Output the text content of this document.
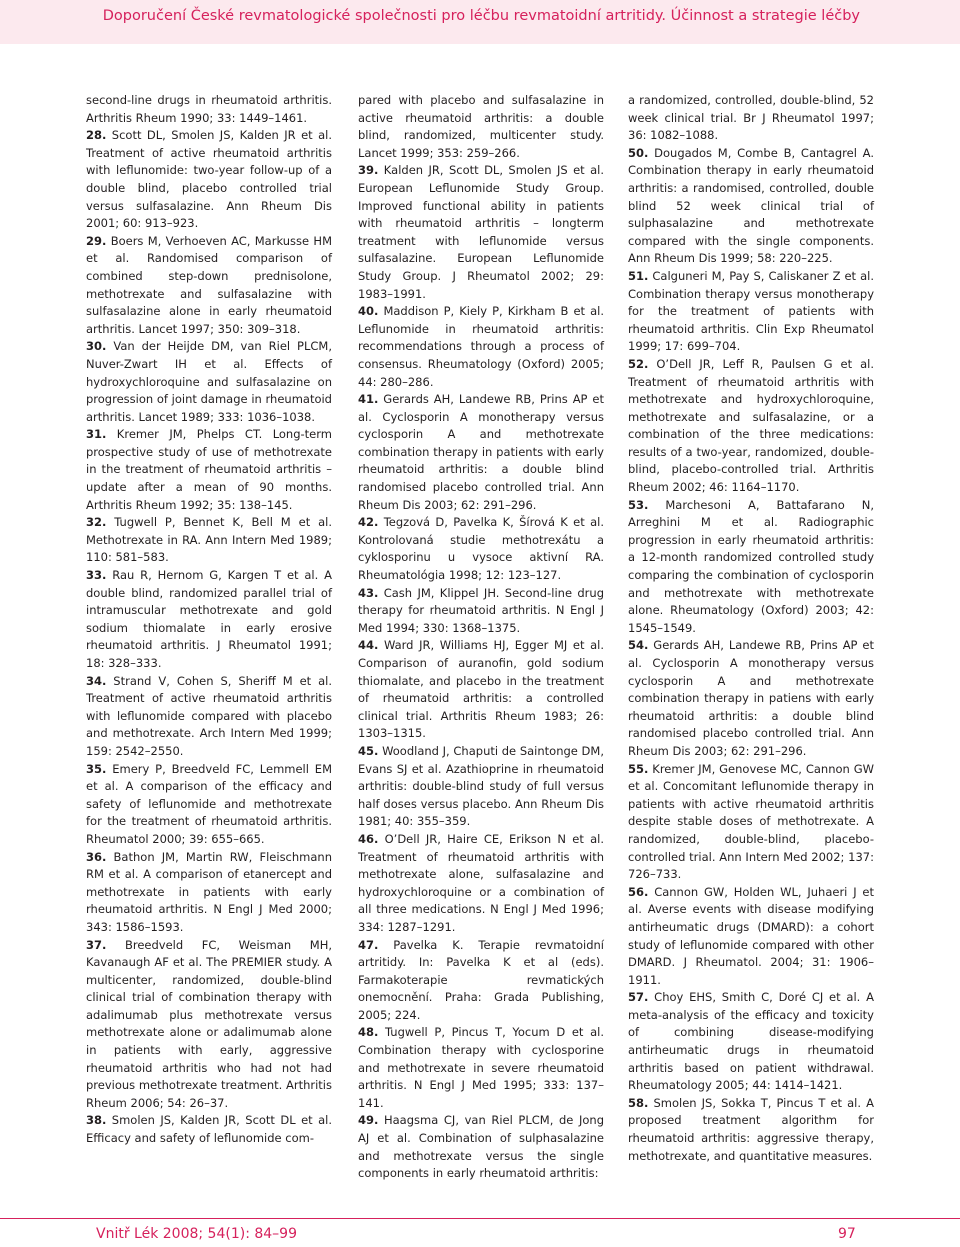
Doporučení České revmatologické společnosti pro léčbu revmatoidní artritidy. Účinnost a strategie léčby
second-line drugs in rheumatoid arthritis. Arthritis Rheum 1990; 33: 1449–1461.
28. Scott DL, Smolen JS, Kalden JR et al. Treatment of active rheumatoid arthritis with leflunomide: two-year follow-up of a double blind, placebo controlled trial versus sulfasalazine. Ann Rheum Dis 2001; 60: 913–923.
29. Boers M, Verhoeven AC, Markusse HM et al. Randomised comparison of combined step-down prednisolone, methotrexate and sulfasalazine with sulfasalazine alone in early rheumatoid arthritis. Lancet 1997; 350: 309–318.
30. Van der Heijde DM, van Riel PLCM, Nuver-Zwart IH et al. Effects of hydroxychloroquine and sulfasalazine on progression of joint damage in rheumatoid arthritis. Lancet 1989; 333: 1036–1038.
31. Kremer JM, Phelps CT. Long-term prospective study of use of methotrexate in the treatment of rheumatoid arthritis – update after a mean of 90 months. Arthritis Rheum 1992; 35: 138–145.
32. Tugwell P, Bennet K, Bell M et al. Methotrexate in RA. Ann Intern Med 1989; 110: 581–583.
33. Rau R, Hernom G, Kargen T et al. A double blind, randomized parallel trial of intramuscular methotrexate and gold sodium thiomalate in early erosive rheumatoid arthritis. J Rheumatol 1991; 18: 328–333.
34. Strand V, Cohen S, Sheriff M et al. Treatment of active rheumatoid arthritis with leflunomide compared with placebo and methotrexate. Arch Intern Med 1999; 159: 2542–2550.
35. Emery P, Breedveld FC, Lemmell EM et al. A comparison of the efficacy and safety of leflunomide and methotrexate for the treatment of rheumatoid arthritis. Rheumatol 2000; 39: 655–665.
36. Bathon JM, Martin RW, Fleischmann RM et al. A comparison of etanercept and methotrexate in patients with early rheumatoid arthritis. N Engl J Med 2000; 343: 1586–1593.
37. Breedveld FC, Weisman MH, Kavanaugh AF et al. The PREMIER study. A multicenter, randomized, double-blind clinical trial of combination therapy with adalimumab plus methotrexate versus methotrexate alone or adalimumab alone in patients with early, aggressive rheumatoid arthritis who had not had previous methotrexate treatment. Arthritis Rheum 2006; 54: 26–37.
38. Smolen JS, Kalden JR, Scott DL et al. Efficacy and safety of leflunomide com-
pared with placebo and sulfasalazine in active rheumatoid arthritis: a double blind, randomized, multicenter study. Lancet 1999; 353: 259–266.
39. Kalden JR, Scott DL, Smolen JS et al. European Leflunomide Study Group. Improved functional ability in patients with rheumatoid arthritis – longterm treatment with leflunomide versus sulfasalazine. European Leflunomide Study Group. J Rheumatol 2002; 29: 1983–1991.
40. Maddison P, Kiely P, Kirkham B et al. Leflunomide in rheumatoid arthritis: recommendations through a process of consensus. Rheumatology (Oxford) 2005; 44: 280–286.
41. Gerards AH, Landewe RB, Prins AP et al. Cyclosporin A monotherapy versus cyclosporin A and methotrexate combination therapy in patients with early rheumatoid arthritis: a double blind randomised placebo controlled trial. Ann Rheum Dis 2003; 62: 291–296.
42. Tegzová D, Pavelka K, Šírová K et al. Kontrolovaná studie methotrexátu a cyklosporinu u vysoce aktivní RA. Rheumatológia 1998; 12: 123–127.
43. Cash JM, Klippel JH. Second-line drug therapy for rheumatoid arthritis. N Engl J Med 1994; 330: 1368–1375.
44. Ward JR, Williams HJ, Egger MJ et al. Comparison of auranofin, gold sodium thiomalate, and placebo in the treatment of rheumatoid arthritis: a controlled clinical trial. Arthritis Rheum 1983; 26: 1303–1315.
45. Woodland J, Chaputi de Saintonge DM, Evans SJ et al. Azathioprine in rheumatoid arthritis: double-blind study of full versus half doses versus placebo. Ann Rheum Dis 1981; 40: 355–359.
46. O’Dell JR, Haire CE, Erikson N et al. Treatment of rheumatoid arthritis with methotrexate alone, sulfasalazine and hydroxychloroquine or a combination of all three medications. N Engl J Med 1996; 334: 1287–1291.
47. Pavelka K. Terapie revmatoidní artritidy. In: Pavelka K et al (eds). Farmakoterapie revmatických onemocnění. Praha: Grada Publishing, 2005; 224.
48. Tugwell P, Pincus T, Yocum D et al. Combination therapy with cyclosporine and methotrexate in severe rheumatoid arthritis. N Engl J Med 1995; 333: 137–141.
49. Haagsma CJ, van Riel PLCM, de Jong AJ et al. Combination of sulphasalazine and methotrexate versus the single components in early rheumatoid arthritis:
a randomized, controlled, double-blind, 52 week clinical trial. Br J Rheumatol 1997; 36: 1082–1088.
50. Dougados M, Combe B, Cantagrel A. Combination therapy in early rheumatoid arthritis: a randomised, controlled, double blind 52 week clinical trial of sulphasalazine and methotrexate compared with the single components. Ann Rheum Dis 1999; 58: 220–225.
51. Calguneri M, Pay S, Caliskaner Z et al. Combination therapy versus monotherapy for the treatment of patients with rheumatoid arthritis. Clin Exp Rheumatol 1999; 17: 699–704.
52. O’Dell JR, Leff R, Paulsen G et al. Treatment of rheumatoid arthritis with methotrexate and hydroxychloroquine, methotrexate and sulfasalazine, or a combination of the three medications: results of a two-year, randomized, double-blind, placebo-controlled trial. Arthritis Rheum 2002; 46: 1164–1170.
53. Marchesoni A, Battafarano N, Arreghini M et al. Radiographic progression in early rheumatoid arthritis: a 12-month randomized controlled study comparing the combination of cyclosporin and methotrexate with methotrexate alone. Rheumatology (Oxford) 2003; 42: 1545–1549.
54. Gerards AH, Landewe RB, Prins AP et al. Cyclosporin A monotherapy versus cyclosporin A and methotrexate combination therapy in patiens with early rheumatoid arthritis: a double blind randomised placebo controlled trial. Ann Rheum Dis 2003; 62: 291–296.
55. Kremer JM, Genovese MC, Cannon GW et al. Concomitant leflunomide therapy in patients with active rheumatoid arthritis despite stable doses of methotrexate. A randomized, double-blind, placebo-controlled trial. Ann Intern Med 2002; 137: 726–733.
56. Cannon GW, Holden WL, Juhaeri J et al. Averse events with disease modifying antirheumatic drugs (DMARD): a cohort study of leflunomide compared with other DMARD. J Rheumatol. 2004; 31: 1906–1911.
57. Choy EHS, Smith C, Doré CJ et al. A meta-analysis of the efficacy and toxicity of combining disease-modifying antirheumatic drugs in rheumatoid arthritis based on patient withdrawal. Rheumatology 2005; 44: 1414–1421.
58. Smolen JS, Sokka T, Pincus T et al. A proposed treatment algorithm for rheumatoid arthritis: aggressive therapy, methotrexate, and quantitative measures.
Vnitř Lék 2008; 54(1): 84–99	97
